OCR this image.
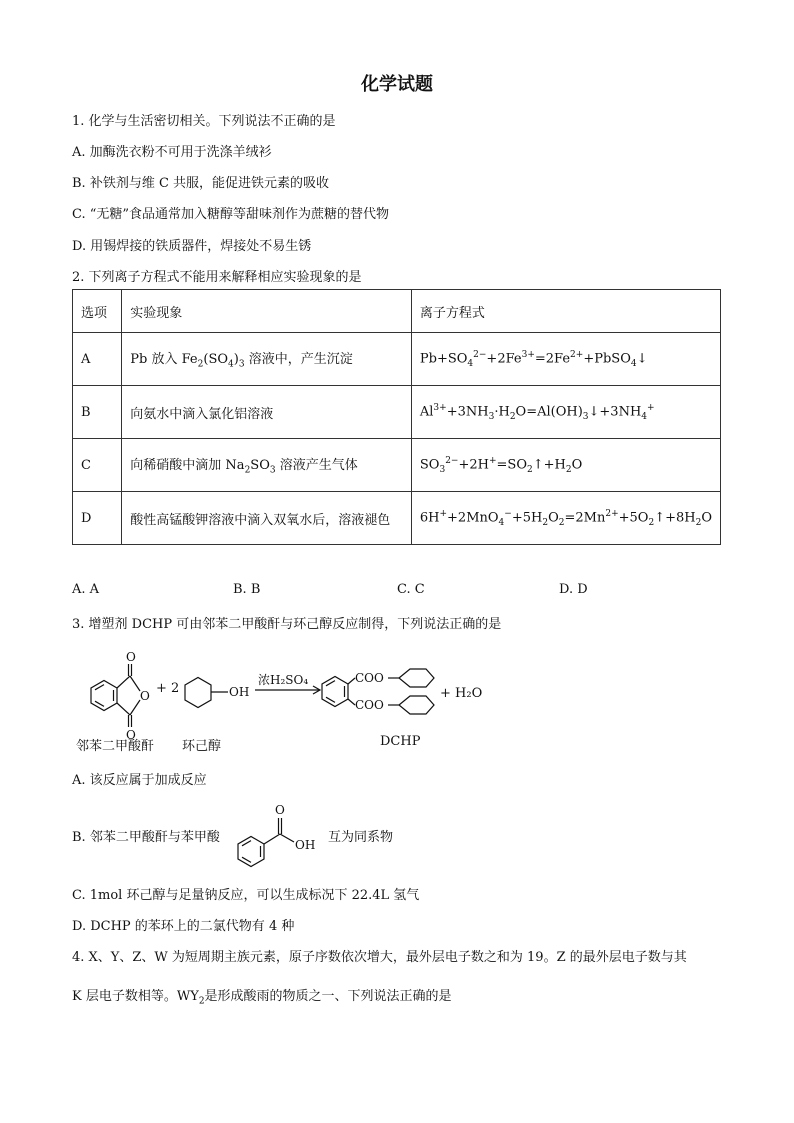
化学试题
1. 化学与生活密切相关。下列说法不正确的是
A. 加酶洗衣粉不可用于洗涤羊绒衫
B. 补铁剂与维 C 共服，能促进铁元素的吸收
C. “无糖”食品通常加入糖醇等甜味剂作为蔗糖的替代物
D. 用锡焊接的铁质器件，焊接处不易生锈
2. 下列离子方程式不能用来解释相应实验现象的是
选项	实验现象	离子方程式
A	Pb 放入 $Fe_2(SO_4)_3$ 溶液中，产生沉淀	$Pb+SO_4^{2-}+2Fe^{3+}=2Fe^{2+}+PbSO_4↓$
B	向氨水中滴入氯化铝溶液	$Al^{3+}+3NH_3\cdot H_2O=Al(OH)_3↓+3NH_4^+$
C	向稀硝酸中滴加 $Na_2SO_3$ 溶液产生气体	$SO_3^{2-}+2H^+=SO_2↑+H_2O$
D	酸性高锰酸钾溶液中滴入双氧水后，溶液褪色	$6H^++2MnO_4^-+5H_2O_2=2Mn^{2+}+5O_2↑+8H_2O$
A. A	B. B	C. C	D. D
3. 增塑剂 DCHP 可由邻苯二甲酸酐与环己醇反应制得，下列说法正确的是
O
O
O + 2	OH
浓H₂SO₄	COO
COO
+ H₂O
邻苯二甲酸酐 环己醇	DCHP
A. 该反应属于加成反应
B. 邻苯二甲酸酐与苯甲酸
O
OH 互为同系物
C. 1mol 环己醇与足量钠反应，可以生成标况下 22.4L 氢气
D. DCHP 的苯环上的二氯代物有 4 种
4. X、Y、Z、W 为短周期主族元素，原子序数依次增大，最外层电子数之和为 19。Z 的最外层电子数与其
K 层电子数相等。$WY_2$是形成酸雨的物质之一、下列说法正确的是
